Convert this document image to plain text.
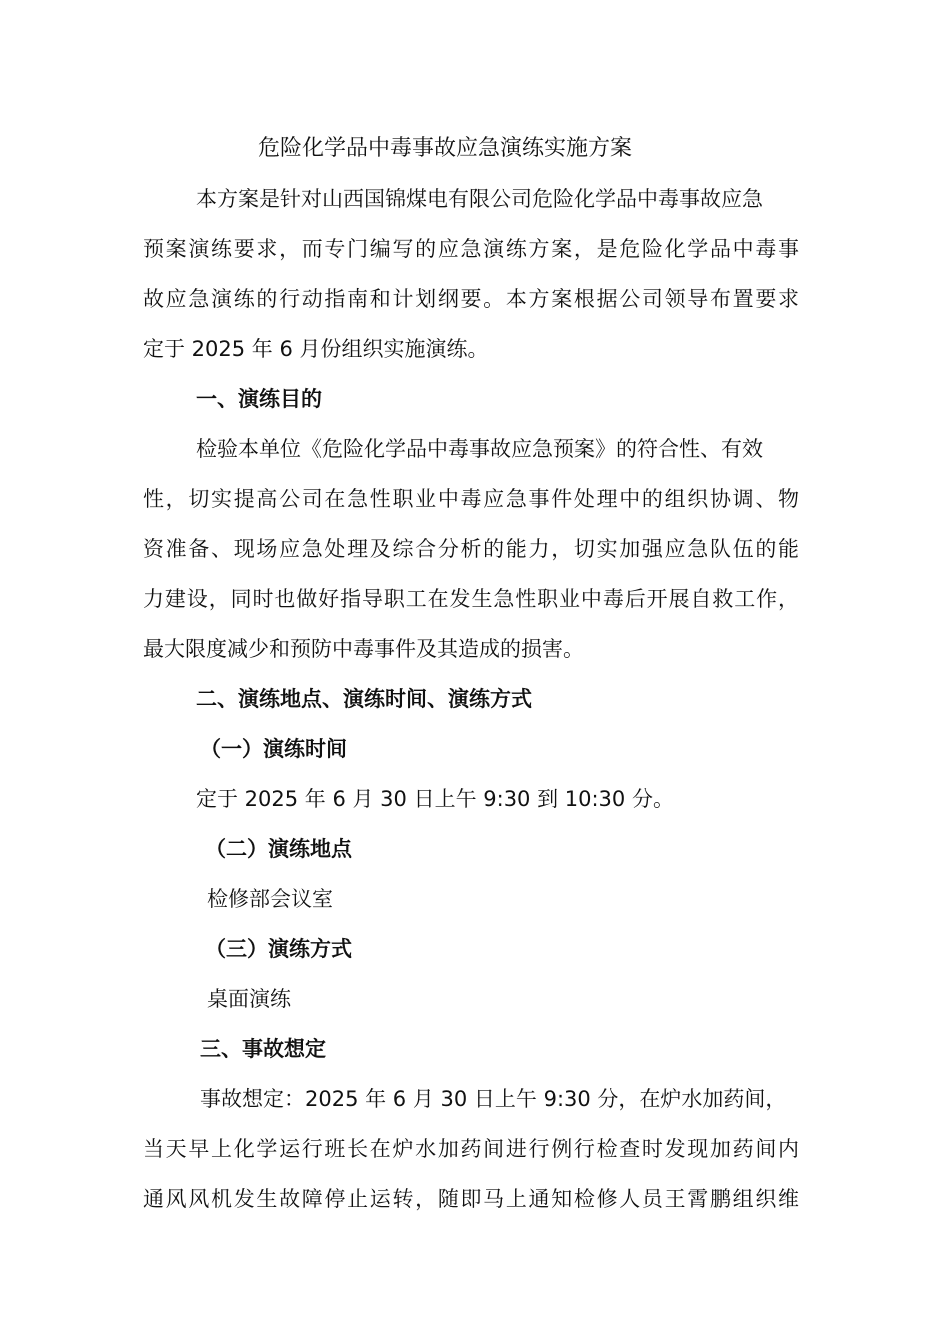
危险化学品中毒事故应急演练实施方案
本方案是针对山西国锦煤电有限公司危险化学品中毒事故应急
预案演练要求，而专门编写的应急演练方案，是危险化学品中毒事
故应急演练的行动指南和计划纲要。本方案根据公司领导布置要求
定于 2025 年 6 月份组织实施演练。
一、演练目的
检验本单位《危险化学品中毒事故应急预案》的符合性、有效
性，切实提高公司在急性职业中毒应急事件处理中的组织协调、物
资准备、现场应急处理及综合分析的能力，切实加强应急队伍的能
力建设，同时也做好指导职工在发生急性职业中毒后开展自救工作，
最大限度减少和预防中毒事件及其造成的损害。
二、演练地点、演练时间、演练方式
（一）演练时间
定于 2025 年 6 月 30 日上午 9:30 到 10:30 分。
（二）演练地点
检修部会议室
（三）演练方式
桌面演练
三、事故想定
事故想定：2025 年 6 月 30 日上午 9:30 分，在炉水加药间，
当天早上化学运行班长在炉水加药间进行例行检查时发现加药间内
通风风机发生故障停止运转，随即马上通知检修人员王霄鹏组织维
